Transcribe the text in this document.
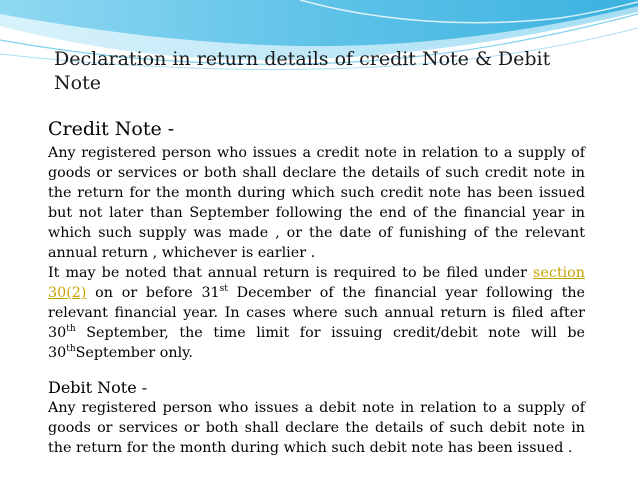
Declaration in return details of credit Note & Debit Note
Credit Note -

Any registered person who issues a credit note in relation to a supply of goods or services or both shall declare the details of such credit note in the return for the month during which such credit note has been issued but not later than September following the end of the financial year in which such supply was made , or the date of funishing of the relevant annual return , whichever is earlier .

It may be noted that annual return is required to be filed under section 30(2) on or before 31st December of the financial year following the relevant financial year. In cases where such annual return is filed after 30th September, the time limit for issuing credit/debit note will be 30thSeptember only.

Debit Note -

Any registered person who issues a debit note in relation to a supply of goods or services or both shall declare the details of such debit note in the return for the month during which such debit note has been issued .
